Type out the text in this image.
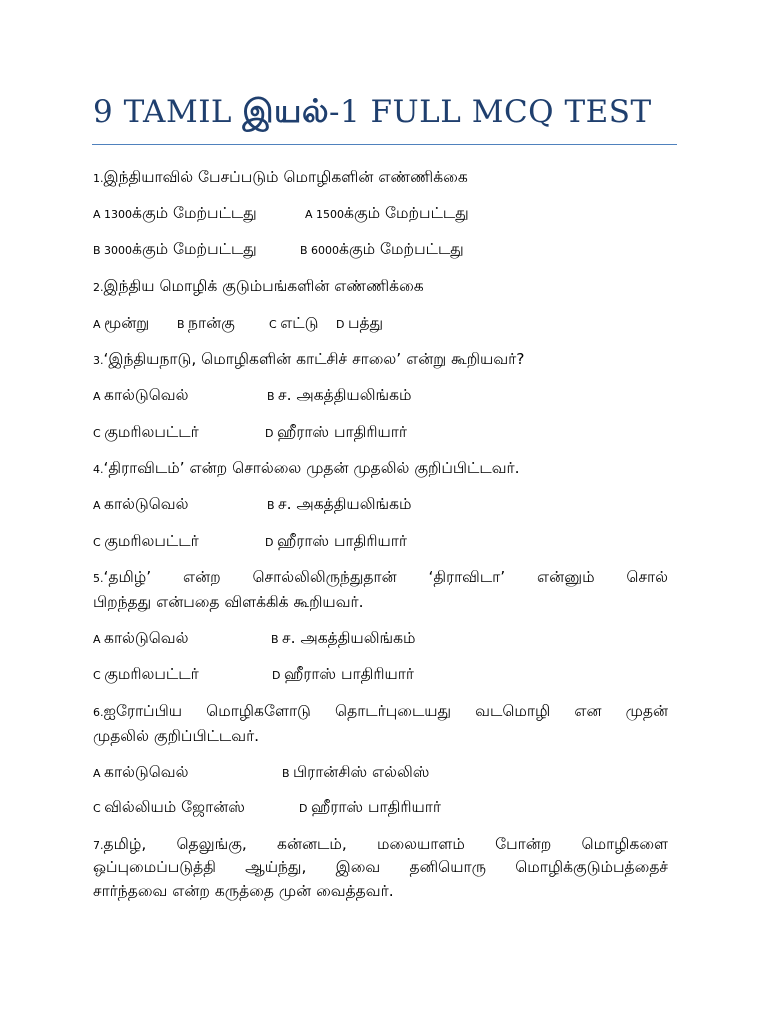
9 TAMIL இயல்-1 FULL MCQ TEST
1.இந்தியாவில் பேசப்படும் மொழிகளின் எண்ணிக்கை
A 1300க்கும் மேற்பட்டது	A 1500க்கும் மேற்பட்டது
B 3000க்கும் மேற்பட்டது	B 6000க்கும் மேற்பட்டது
2.இந்திய மொழிக் குடும்பங்களின் எண்ணிக்கை
A மூன்று	B நான்கு	C எட்டு D பத்து
3.‘இந்தியநாடு, மொழிகளின் காட்சிச் சாலை’ என்று கூறியவர்?
A கால்டுவெல்	B ச. அகத்தியலிங்கம்
C குமரிலபட்டர்	D ஹீராஸ் பாதிரியார்
4.‘திராவிடம்’ என்ற சொல்லை முதன் முதலில் குறிப்பிட்டவர்.
A கால்டுவெல்	B ச. அகத்தியலிங்கம்
C குமரிலபட்டர்	D ஹீராஸ் பாதிரியார்
5.‘தமிழ்’ என்ற சொல்லிலிருந்துதான் ‘திராவிடா’ என்னும் சொல்
பிறந்தது என்பதை விளக்கிக் கூறியவர்.
A கால்டுவெல்	B ச. அகத்தியலிங்கம்
C குமரிலபட்டர்	D ஹீராஸ் பாதிரியார்
6.ஐரோப்பிய மொழிகளோடு தொடர்புடையது வடமொழி என முதன்
முதலில் குறிப்பிட்டவர்.
A கால்டுவெல்	B பிரான்சிஸ் எல்லிஸ்
C வில்லியம் ஜோன்ஸ்	D ஹீராஸ் பாதிரியார்
7.தமிழ், தெலுங்கு, கன்னடம், மலையாளம் போன்ற மொழிகளை
ஒப்புமைப்படுத்தி ஆய்ந்து, இவை தனியொரு மொழிக்குடும்பத்தைச்
சார்ந்தவை என்ற கருத்தை முன் வைத்தவர்.
